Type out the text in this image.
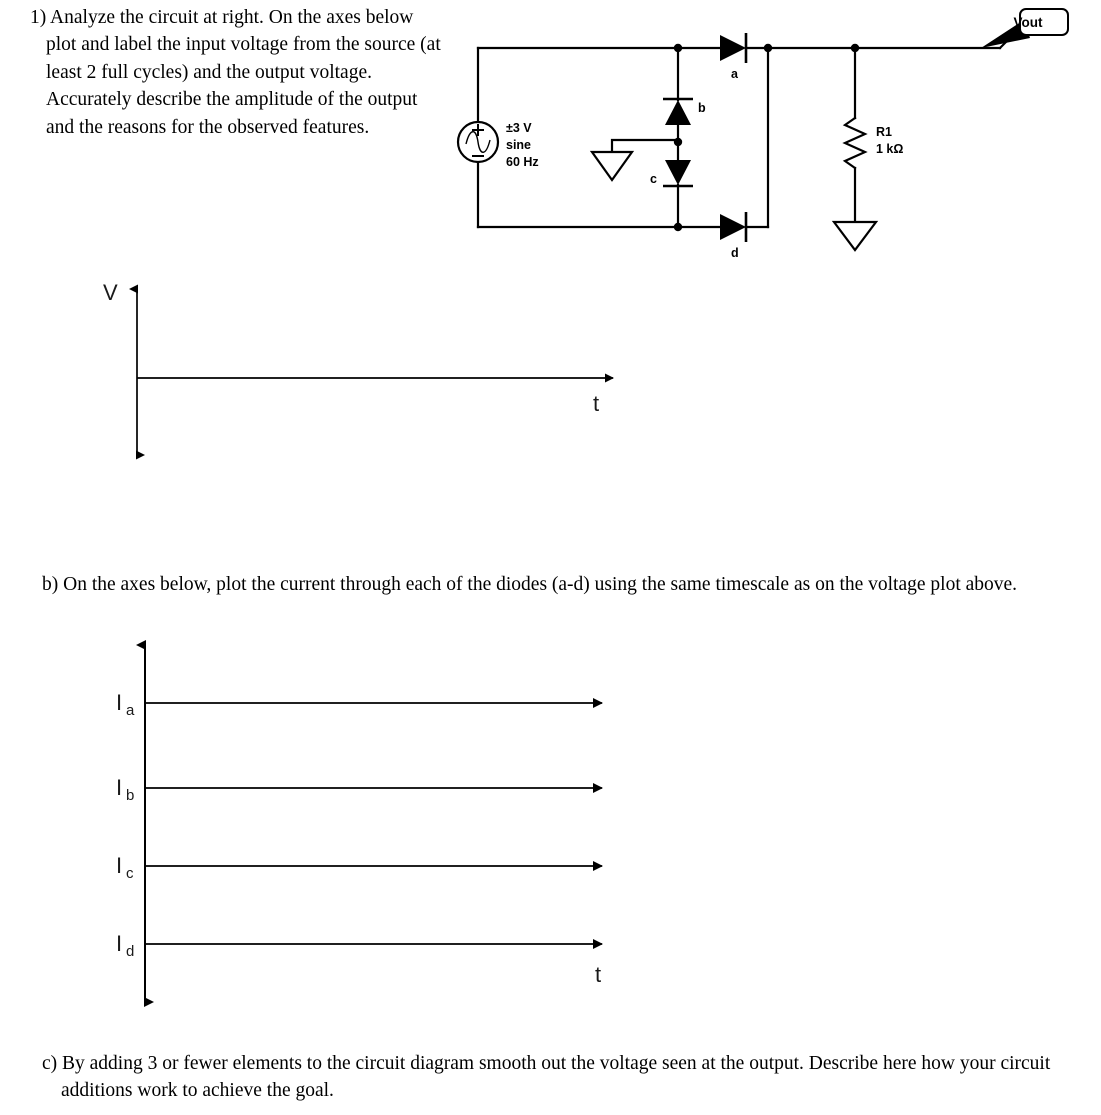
1) Analyze the circuit at right. On the axes below plot and label the input voltage from the source (at least 2 full cycles) and the output voltage. Accurately describe the amplitude of the output and the reasons for the observed features.	±3 V
sine
60 Hz
a
b
c
d
R1
1 kΩ
Vout
V
t
b) On the axes below, plot the current through each of the diodes (a-d) using the same timescale as on the voltage plot above.
I a
I b
I c
I d
t
c) By adding 3 or fewer elements to the circuit diagram smooth out the voltage seen at the output. Describe here how your circuit additions work to achieve the goal.
